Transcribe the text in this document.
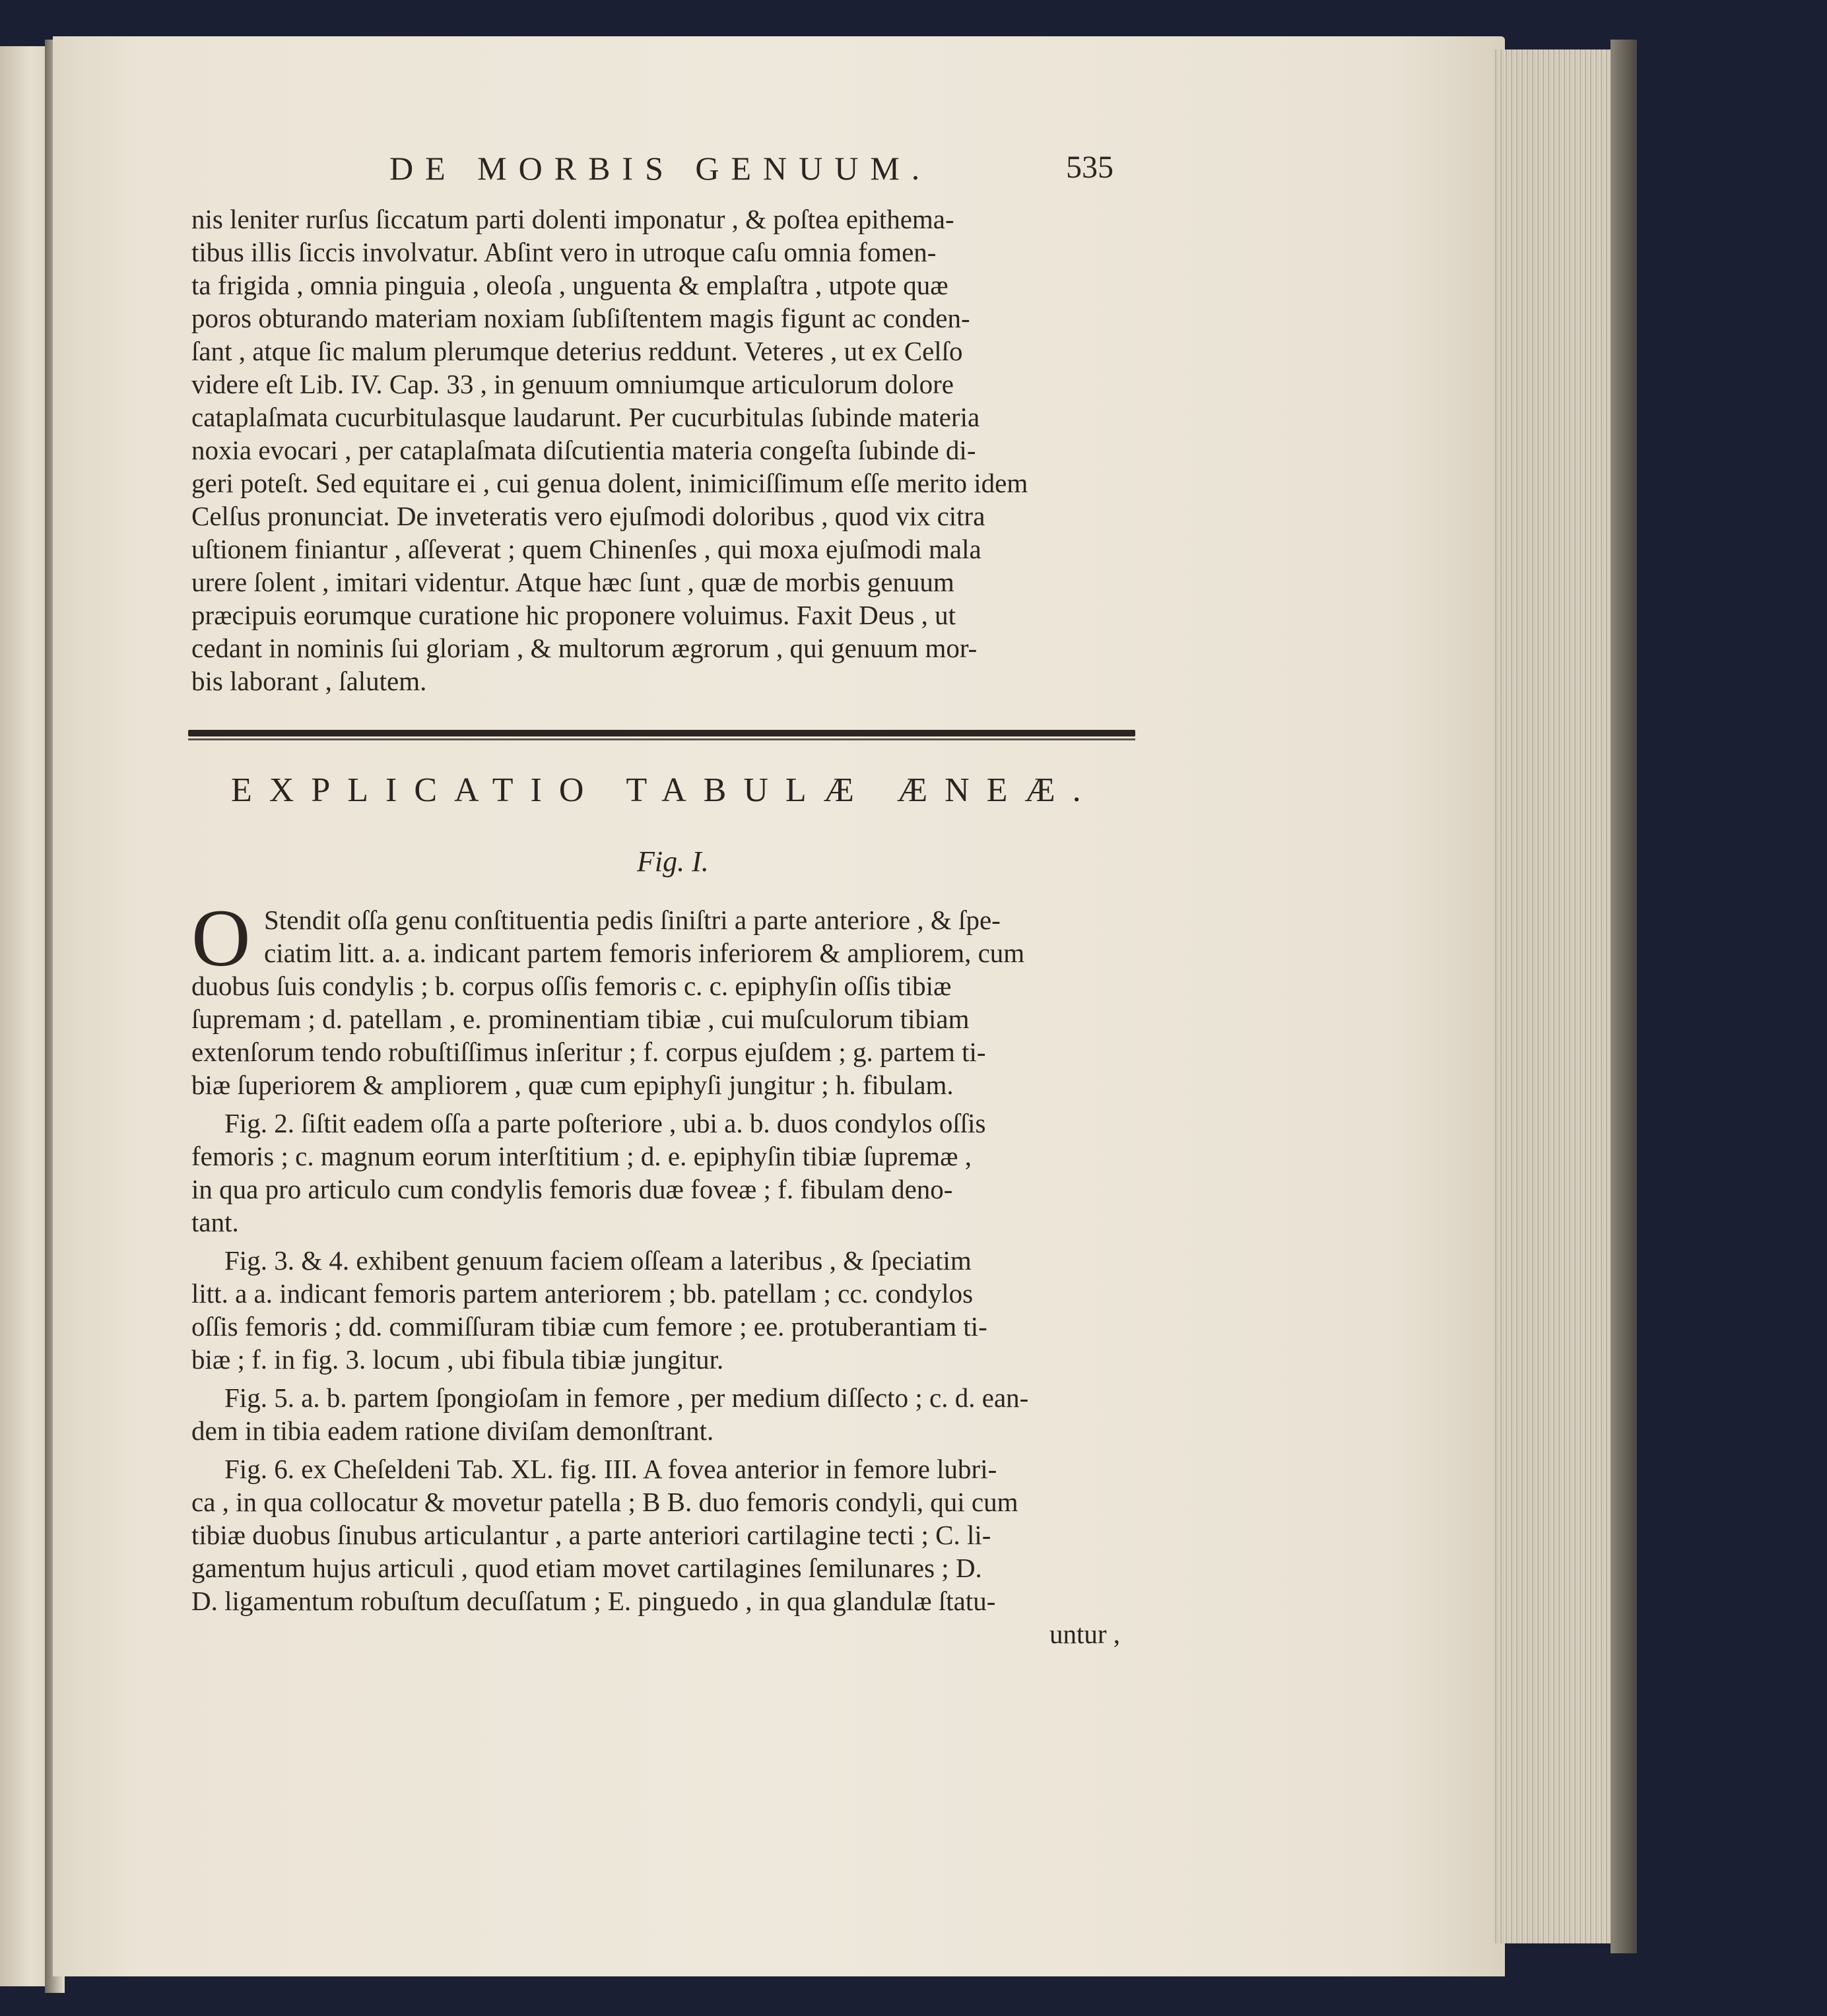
DE MORBIS GENUUM.	535
nis leniter rurſus ſiccatum parti dolenti imponatur , & poſtea epithema-
tibus illis ſiccis involvatur. Abſint vero in utroque caſu omnia fomen-
ta frigida , omnia pinguia , oleoſa , unguenta & emplaſtra , utpote quæ
poros obturando materiam noxiam ſubſiſtentem magis figunt ac conden-
ſant , atque ſic malum plerumque deterius reddunt. Veteres , ut ex Celſo
videre eſt Lib. IV. Cap. 33 , in genuum omniumque articulorum dolore
cataplaſmata cucurbitulasque laudarunt. Per cucurbitulas ſubinde materia
noxia evocari , per cataplaſmata diſcutientia materia congeſta ſubinde di-
geri poteſt. Sed equitare ei , cui genua dolent, inimiciſſimum eſſe merito idem
Celſus pronunciat. De inveteratis vero ejuſmodi doloribus , quod vix citra
uſtionem finiantur , aſſeverat ; quem Chinenſes , qui moxa ejuſmodi mala
urere ſolent , imitari videntur. Atque hæc ſunt , quæ de morbis genuum
præcipuis eorumque curatione hic proponere voluimus. Faxit Deus , ut
cedant in nominis ſui gloriam , & multorum ægrorum , qui genuum mor-
bis laborant , ſalutem.
EXPLICATIO TABULÆ ÆNEÆ.
Fig. I.
O Stendit oſſa genu conſtituentia pedis ſiniſtri a parte anteriore , & ſpe-
ciatim litt. a. a. indicant partem femoris inferiorem & ampliorem, cum
duobus ſuis condylis ; b. corpus oſſis femoris c. c. epiphyſin oſſis tibiæ
ſupremam ; d. patellam , e. prominentiam tibiæ , cui muſculorum tibiam
extenſorum tendo robuſtiſſimus inſeritur ; f. corpus ejuſdem ; g. partem ti-
biæ ſuperiorem & ampliorem , quæ cum epiphyſi jungitur ; h. fibulam.
Fig. 2. ſiſtit eadem oſſa a parte poſteriore , ubi a. b. duos condylos oſſis
femoris ; c. magnum eorum interſtitium ; d. e. epiphyſin tibiæ ſupremæ ,
in qua pro articulo cum condylis femoris duæ foveæ ; f. fibulam deno-
tant.
Fig. 3. & 4. exhibent genuum faciem oſſeam a lateribus , & ſpeciatim
litt. a a. indicant femoris partem anteriorem ; bb. patellam ; cc. condylos
oſſis femoris ; dd. commiſſuram tibiæ cum femore ; ee. protuberantiam ti-
biæ ; f. in fig. 3. locum , ubi fibula tibiæ jungitur.
Fig. 5. a. b. partem ſpongioſam in femore , per medium diſſecto ; c. d. ean-
dem in tibia eadem ratione diviſam demonſtrant.
Fig. 6. ex Cheſeldeni Tab. XL. fig. III. A fovea anterior in femore lubri-
ca , in qua collocatur & movetur patella ; B B. duo femoris condyli, qui cum
tibiæ duobus ſinubus articulantur , a parte anteriori cartilagine tecti ; C. li-
gamentum hujus articuli , quod etiam movet cartilagines ſemilunares ; D.
D. ligamentum robuſtum decuſſatum ; E. pinguedo , in qua glandulæ ſtatu-
untur ,
